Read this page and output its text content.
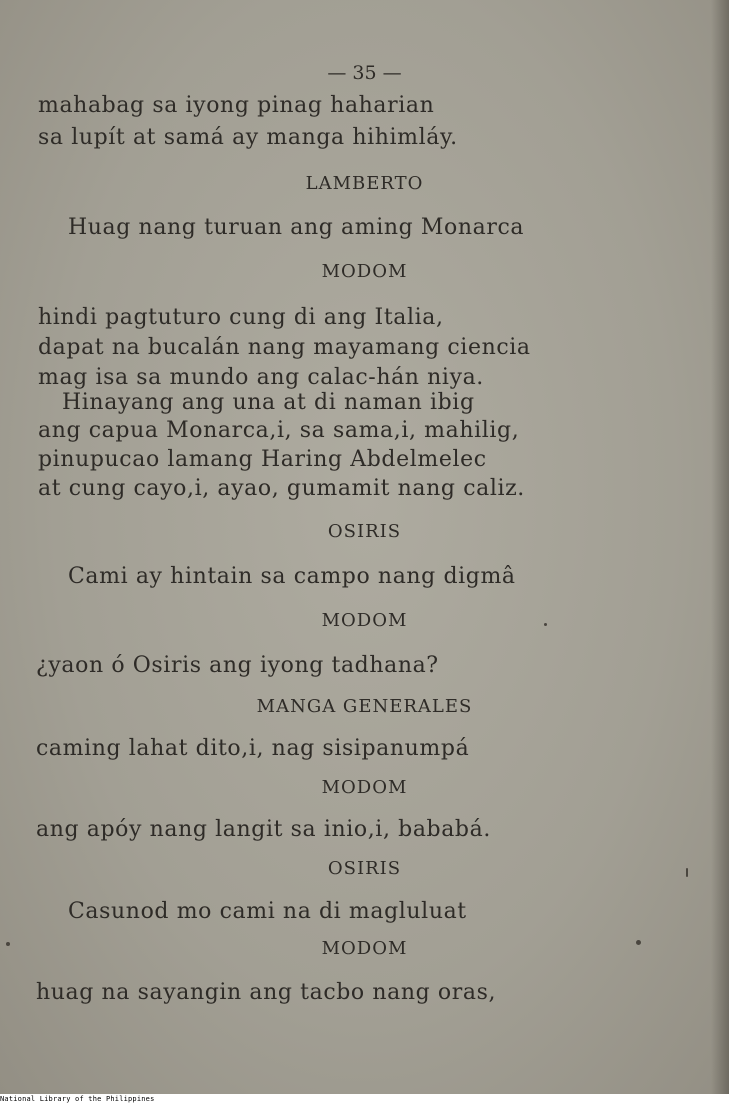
— 35 —
mahabag sa iyong pinag haharian
sa lupít at samá ay manga hihimláy.
LAMBERTO
Huag nang turuan ang aming Monarca
MODOM
hindi pagtuturo cung di ang Italia,
dapat na bucalán nang mayamang ciencia
mag isa sa mundo ang calac-hán niya.
Hinayang ang una at di naman ibig
ang capua Monarca,i, sa sama,i, mahilig,
pinupucao lamang Haring Abdelmelec
at cung cayo,i, ayao, gumamit nang caliz.
OSIRIS
Cami ay hintain sa campo nang digmâ
MODOM
¿yaon ó Osiris ang iyong tadhana?
MANGA GENERALES
caming lahat dito,i, nag sisipanumpá
MODOM
ang apóy nang langit sa inio,i, bababá.
OSIRIS
Casunod mo cami na di magluluat
MODOM
huag na sayangin ang tacbo nang oras,
National Library of the Philippines
